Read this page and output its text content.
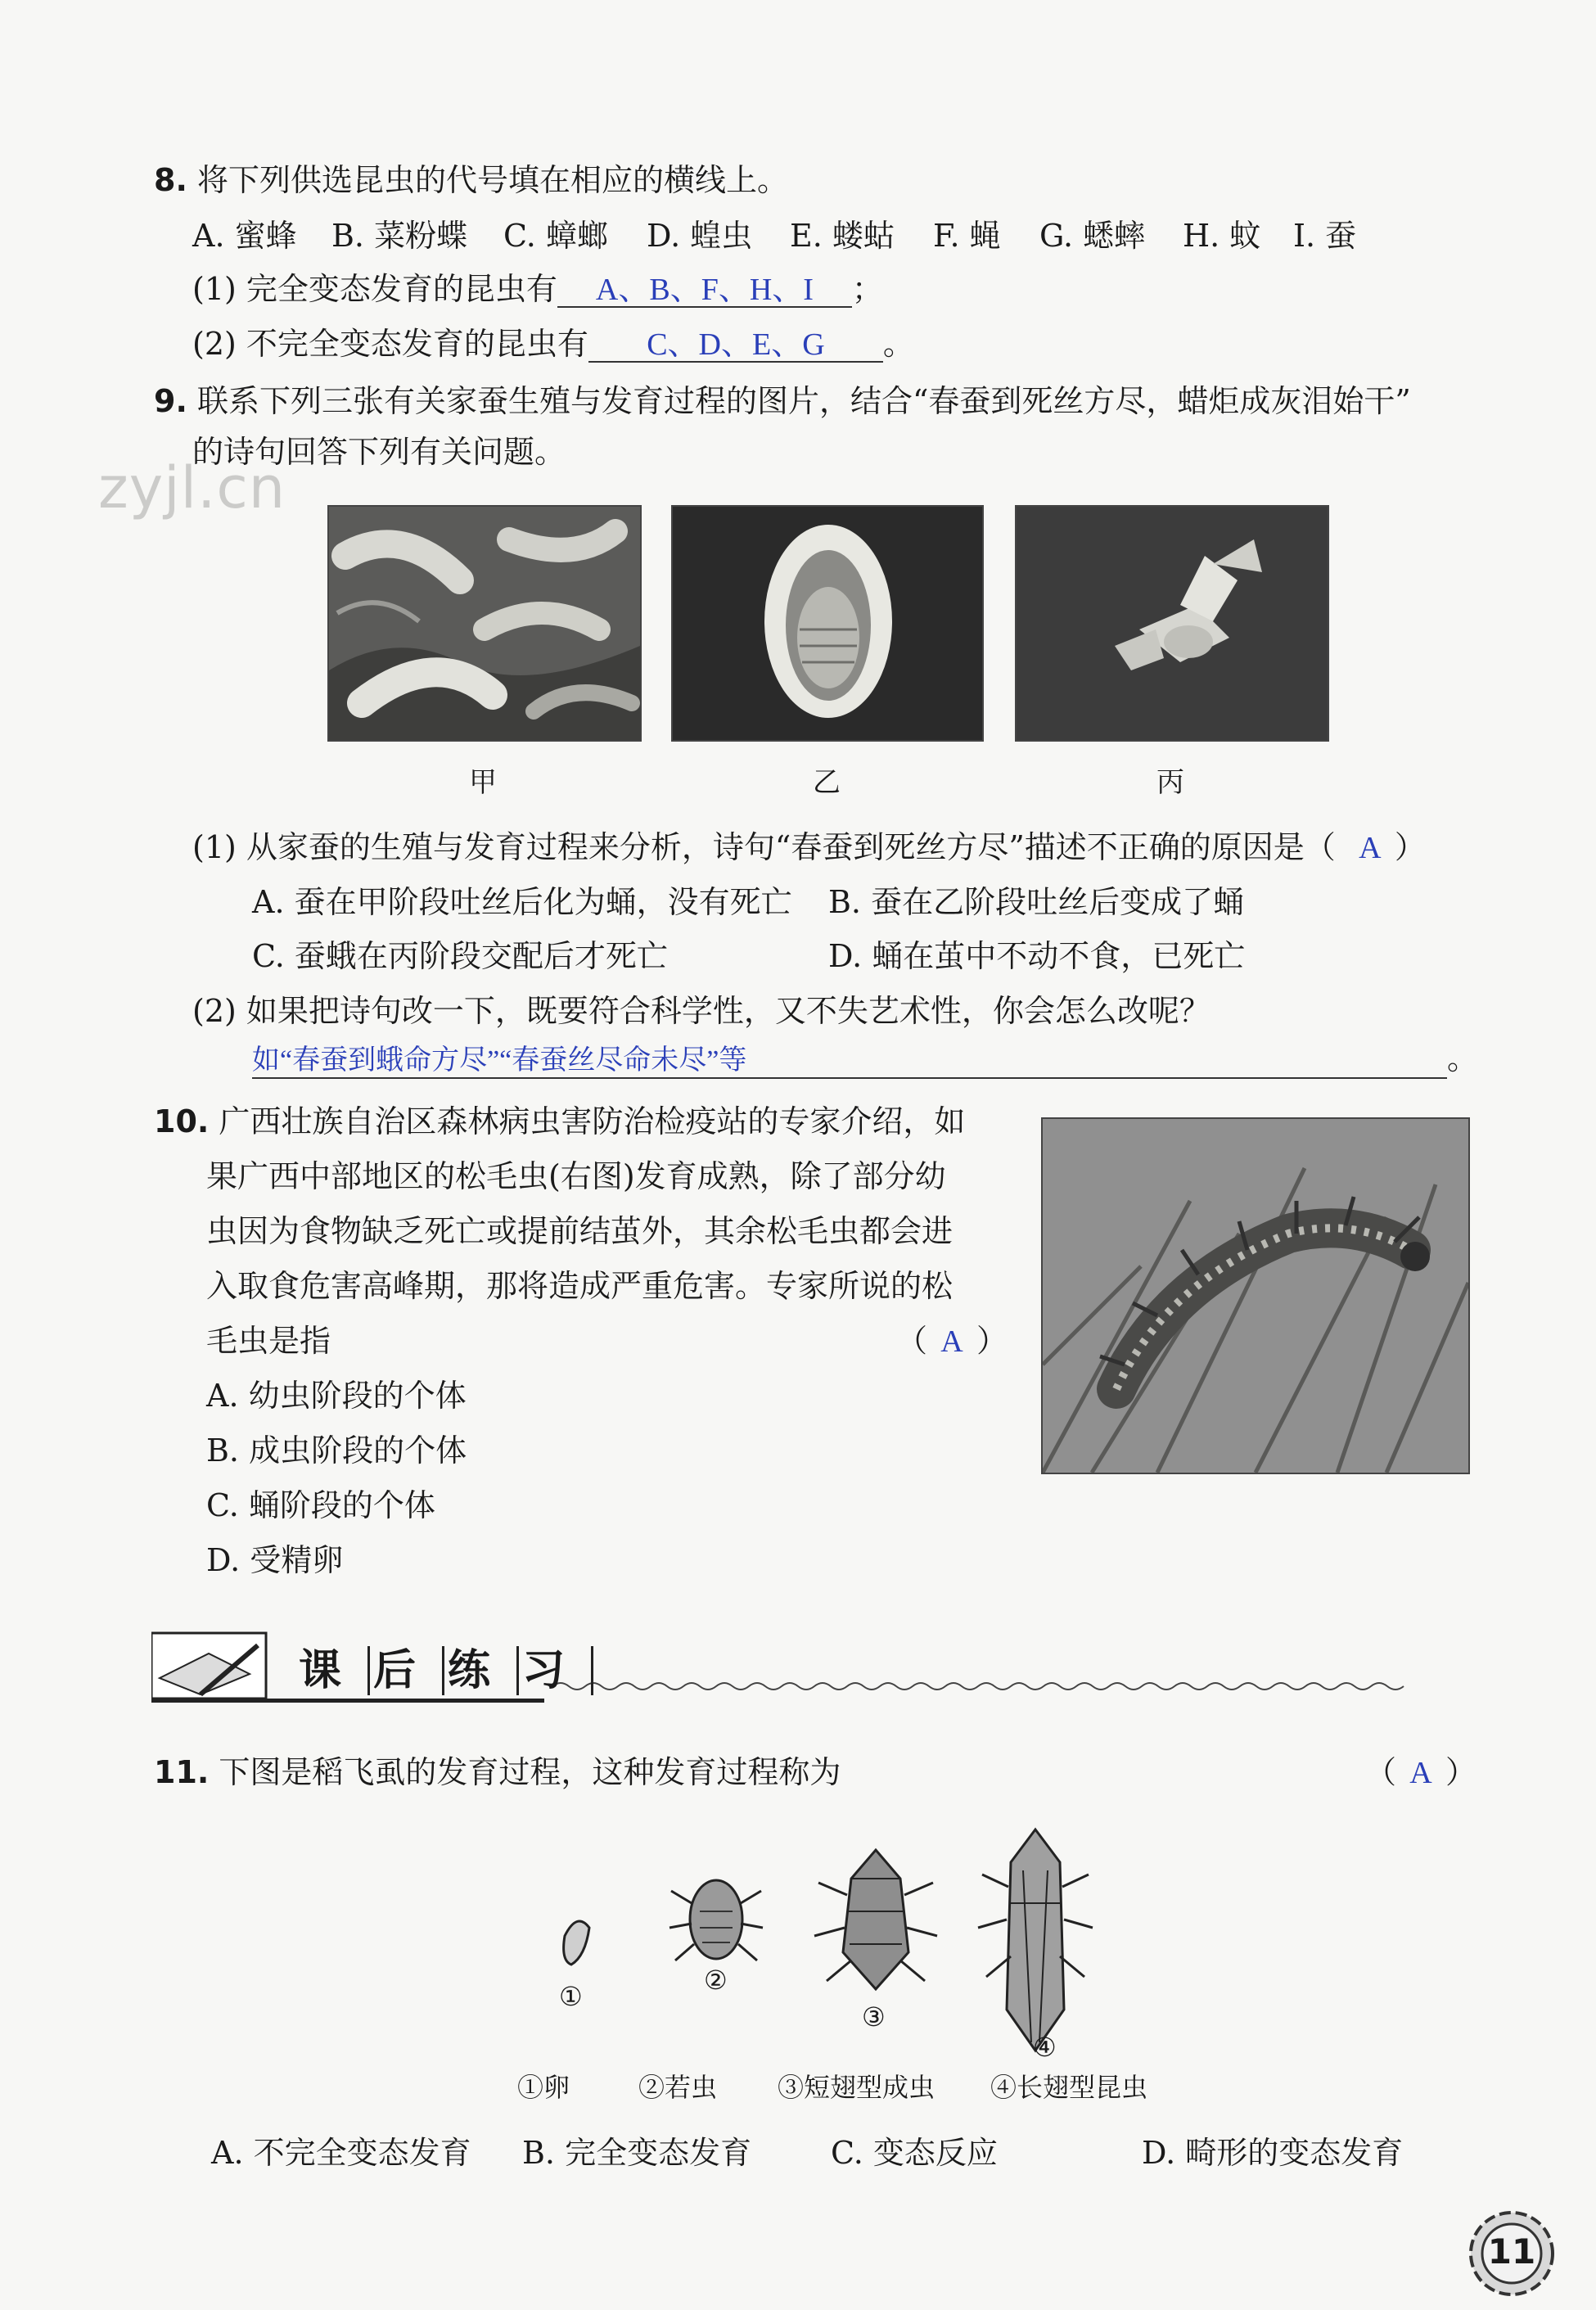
zyjl.cn
8. 将下列供选昆虫的代号填在相应的横线上。
A. 蜜蜂 B. 菜粉蝶 C. 蟑螂 D. 蝗虫 E. 蝼蛄 F. 蝇 G. 蟋蟀 H. 蚊 I. 蚕
(1) 完全变态发育的昆虫有 A、B、F、H、I ；
(2) 不完全变态发育的昆虫有 C、D、E、G 。
9. 联系下列三张有关家蚕生殖与发育过程的图片，结合“春蚕到死丝方尽，蜡炬成灰泪始干”
的诗句回答下列有关问题。
甲	乙	丙
(1) 从家蚕的生殖与发育过程来分析，诗句“春蚕到死丝方尽”描述不正确的原因是（ A ）
A. 蚕在甲阶段吐丝后化为蛹，没有死亡 B. 蚕在乙阶段吐丝后变成了蛹
C. 蚕蛾在丙阶段交配后才死亡	D. 蛹在茧中不动不食，已死亡
(2) 如果把诗句改一下，既要符合科学性，又不失艺术性，你会怎么改呢？
如“春蚕到蛾命方尽”“春蚕丝尽命未尽”等	。
10. 广西壮族自治区森林病虫害防治检疫站的专家介绍，如
果广西中部地区的松毛虫(右图)发育成熟，除了部分幼
虫因为食物缺乏死亡或提前结茧外，其余松毛虫都会进
入取食危害高峰期，那将造成严重危害。专家所说的松
毛虫是指	（ A ）
A. 幼虫阶段的个体
B. 成虫阶段的个体
C. 蛹阶段的个体
D. 受精卵
课 后 练 习
11. 下图是稻飞虱的发育过程，这种发育过程称为	（ A ）
①
②
③
④
①卵	②若虫 ③短翅型成虫 ④长翅型昆虫
A. 不完全变态发育 B. 完全变态发育	C. 变态反应	D. 畸形的变态发育
11
